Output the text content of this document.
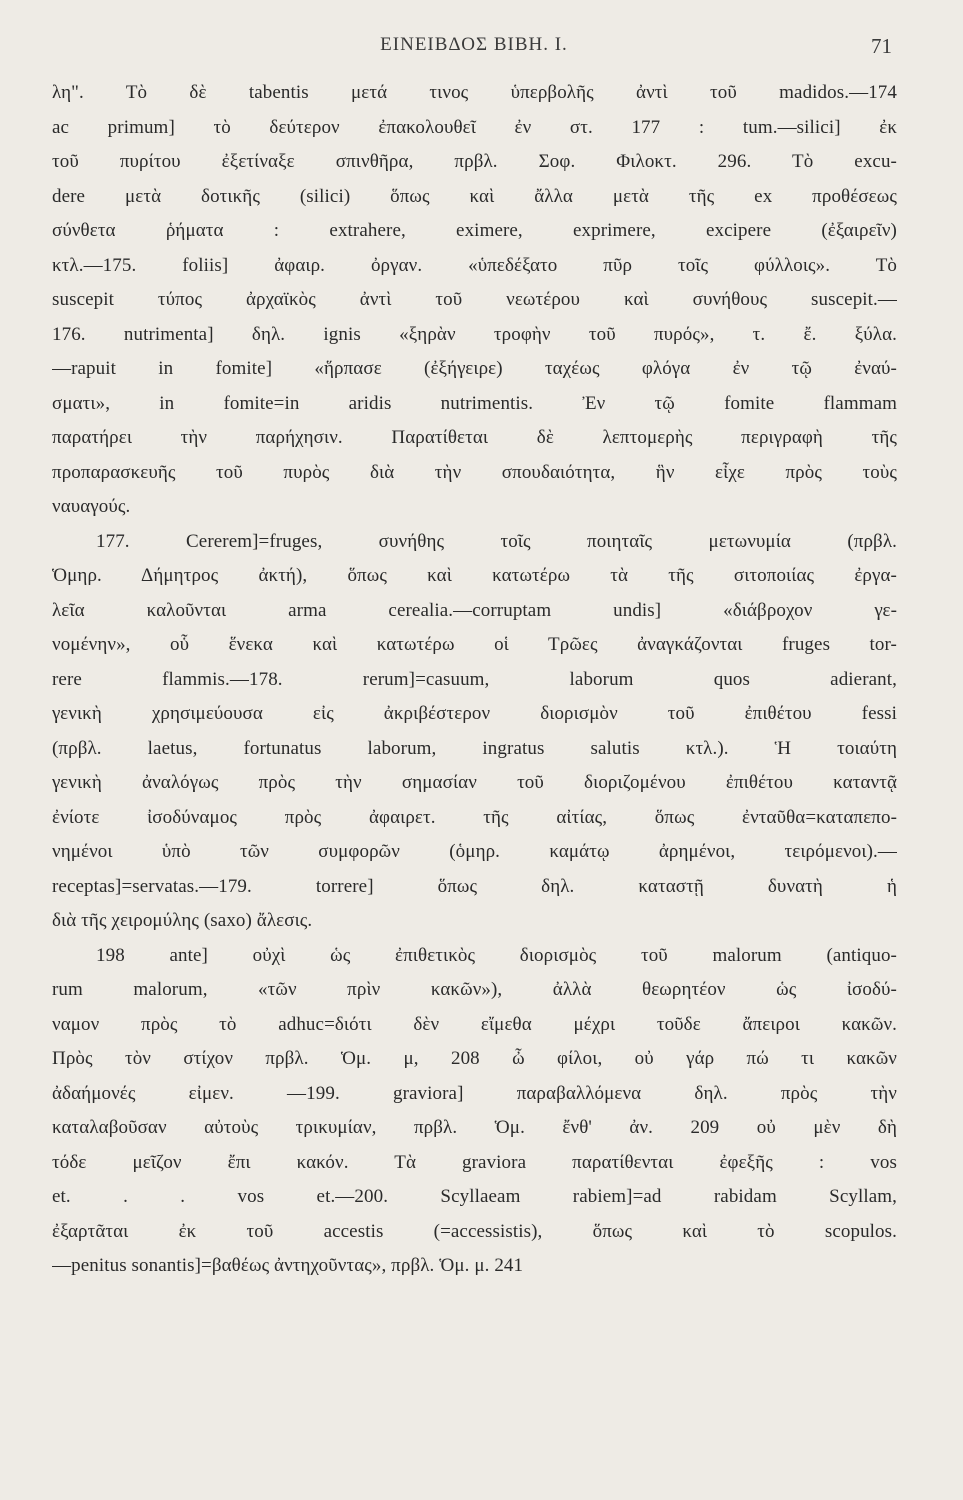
ΕΙΝΕΙΒΔΟΣ ΒΙΒΗ. Ι.	71
λη". Τὸ δὲ tabentis μετά τινος ὑπερβολῆς ἀντὶ τοῦ madidos.—174
ac primum] τὸ δεύτερον ἐπακολουθεῖ ἐν στ. 177 : tum.—silici] ἐκ
τοῦ πυρίτου ἐξετίναξε σπινθῆρα, πρβλ. Σοφ. Φιλοκτ. 296. Τὸ excu-
dere μετὰ δοτικῆς (silici) ὅπως καὶ ἄλλα μετὰ τῆς ex προθέσεως
σύνθετα ῥήματα : extrahere, eximere, exprimere, excipere (ἐξαιρεῖν)
κτλ.—175. foliis] ἀφαιρ. ὀργαν. «ὑπεδέξατο πῦρ τοῖς φύλλοις». Τὸ
suscepit τύπος ἀρχαϊκὸς ἀντὶ τοῦ νεωτέρου καὶ συνήθους suscepit.—
176. nutrimenta] δηλ. ignis «ξηρὰν τροφὴν τοῦ πυρός», τ. ἔ. ξύλα.
—rapuit in fomite] «ἥρπασε (ἐξήγειρε) ταχέως φλόγα ἐν τῷ ἐναύ-
σματι», in fomite=in aridis nutrimentis. Ἐν τῷ fomite flammam
παρατήρει τὴν παρήχησιν. Παρατίθεται δὲ λεπτομερὴς περιγραφὴ τῆς
προπαρασκευῆς τοῦ πυρὸς διὰ τὴν σπουδαιότητα, ἣν εἶχε πρὸς τοὺς
ναυαγούς.
177. Cererem]=fruges, συνήθης τοῖς ποιηταῖς μετωνυμία (πρβλ.
Ὁμηρ. Δήμητρος ἀκτή), ὅπως καὶ κατωτέρω τὰ τῆς σιτοποιίας ἐργα-
λεῖα καλοῦνται arma cerealia.—corruptam undis] «διάβροχον γε-
νομένην», οὗ ἕνεκα καὶ κατωτέρω οἱ Τρῶες ἀναγκάζονται fruges tor-
rere flammis.—178. rerum]=casuum, laborum quos adierant,
γενικὴ χρησιμεύουσα εἰς ἀκριβέστερον διορισμὸν τοῦ ἐπιθέτου fessi
(πρβλ. laetus, fortunatus laborum, ingratus salutis κτλ.). Ἡ τοιαύτη
γενικὴ ἀναλόγως πρὸς τὴν σημασίαν τοῦ διοριζομένου ἐπιθέτου καταντᾷ
ἐνίοτε ἰσοδύναμος πρὸς ἀφαιρετ. τῆς αἰτίας, ὅπως ἐνταῦθα=καταπεπο-
νημένοι ὑπὸ τῶν συμφορῶν (ὁμηρ. καμάτῳ ἀρημένοι, τειρόμενοι).—
receptas]=servatas.—179. torrere] ὅπως δηλ. καταστῇ δυνατὴ ἡ
διὰ τῆς χειρομύλης (saxo) ἄλεσις.
198 ante] οὐχὶ ὡς ἐπιθετικὸς διορισμὸς τοῦ malorum (antiquo-
rum malorum, «τῶν πρὶν κακῶν»), ἀλλὰ θεωρητέον ὡς ἰσοδύ-
ναμον πρὸς τὸ adhuc=διότι δὲν εἴμεθα μέχρι τοῦδε ἄπειροι κακῶν.
Πρὸς τὸν στίχον πρβλ. Ὁμ. μ, 208 ὦ φίλοι, οὐ γάρ πώ τι κακῶν
ἀδαήμονές εἰμεν. —199. graviora] παραβαλλόμενα δηλ. πρὸς τὴν
καταλαβοῦσαν αὐτοὺς τρικυμίαν, πρβλ. Ὁμ. ἔνθ' ἀν. 209 οὐ μὲν δὴ
τόδε μεῖζον ἔπι κακόν. Τὰ graviora παρατίθενται ἐφεξῆς : vos
et. . . vos et.—200. Scyllaeam rabiem]=ad rabidam Scyllam,
ἐξαρτᾶται ἐκ τοῦ accestis (=accessistis), ὅπως καὶ τὸ scopulos.
—penitus sonantis]=βαθέως ἀντηχοῦντας», πρβλ. Ὁμ. μ. 241
